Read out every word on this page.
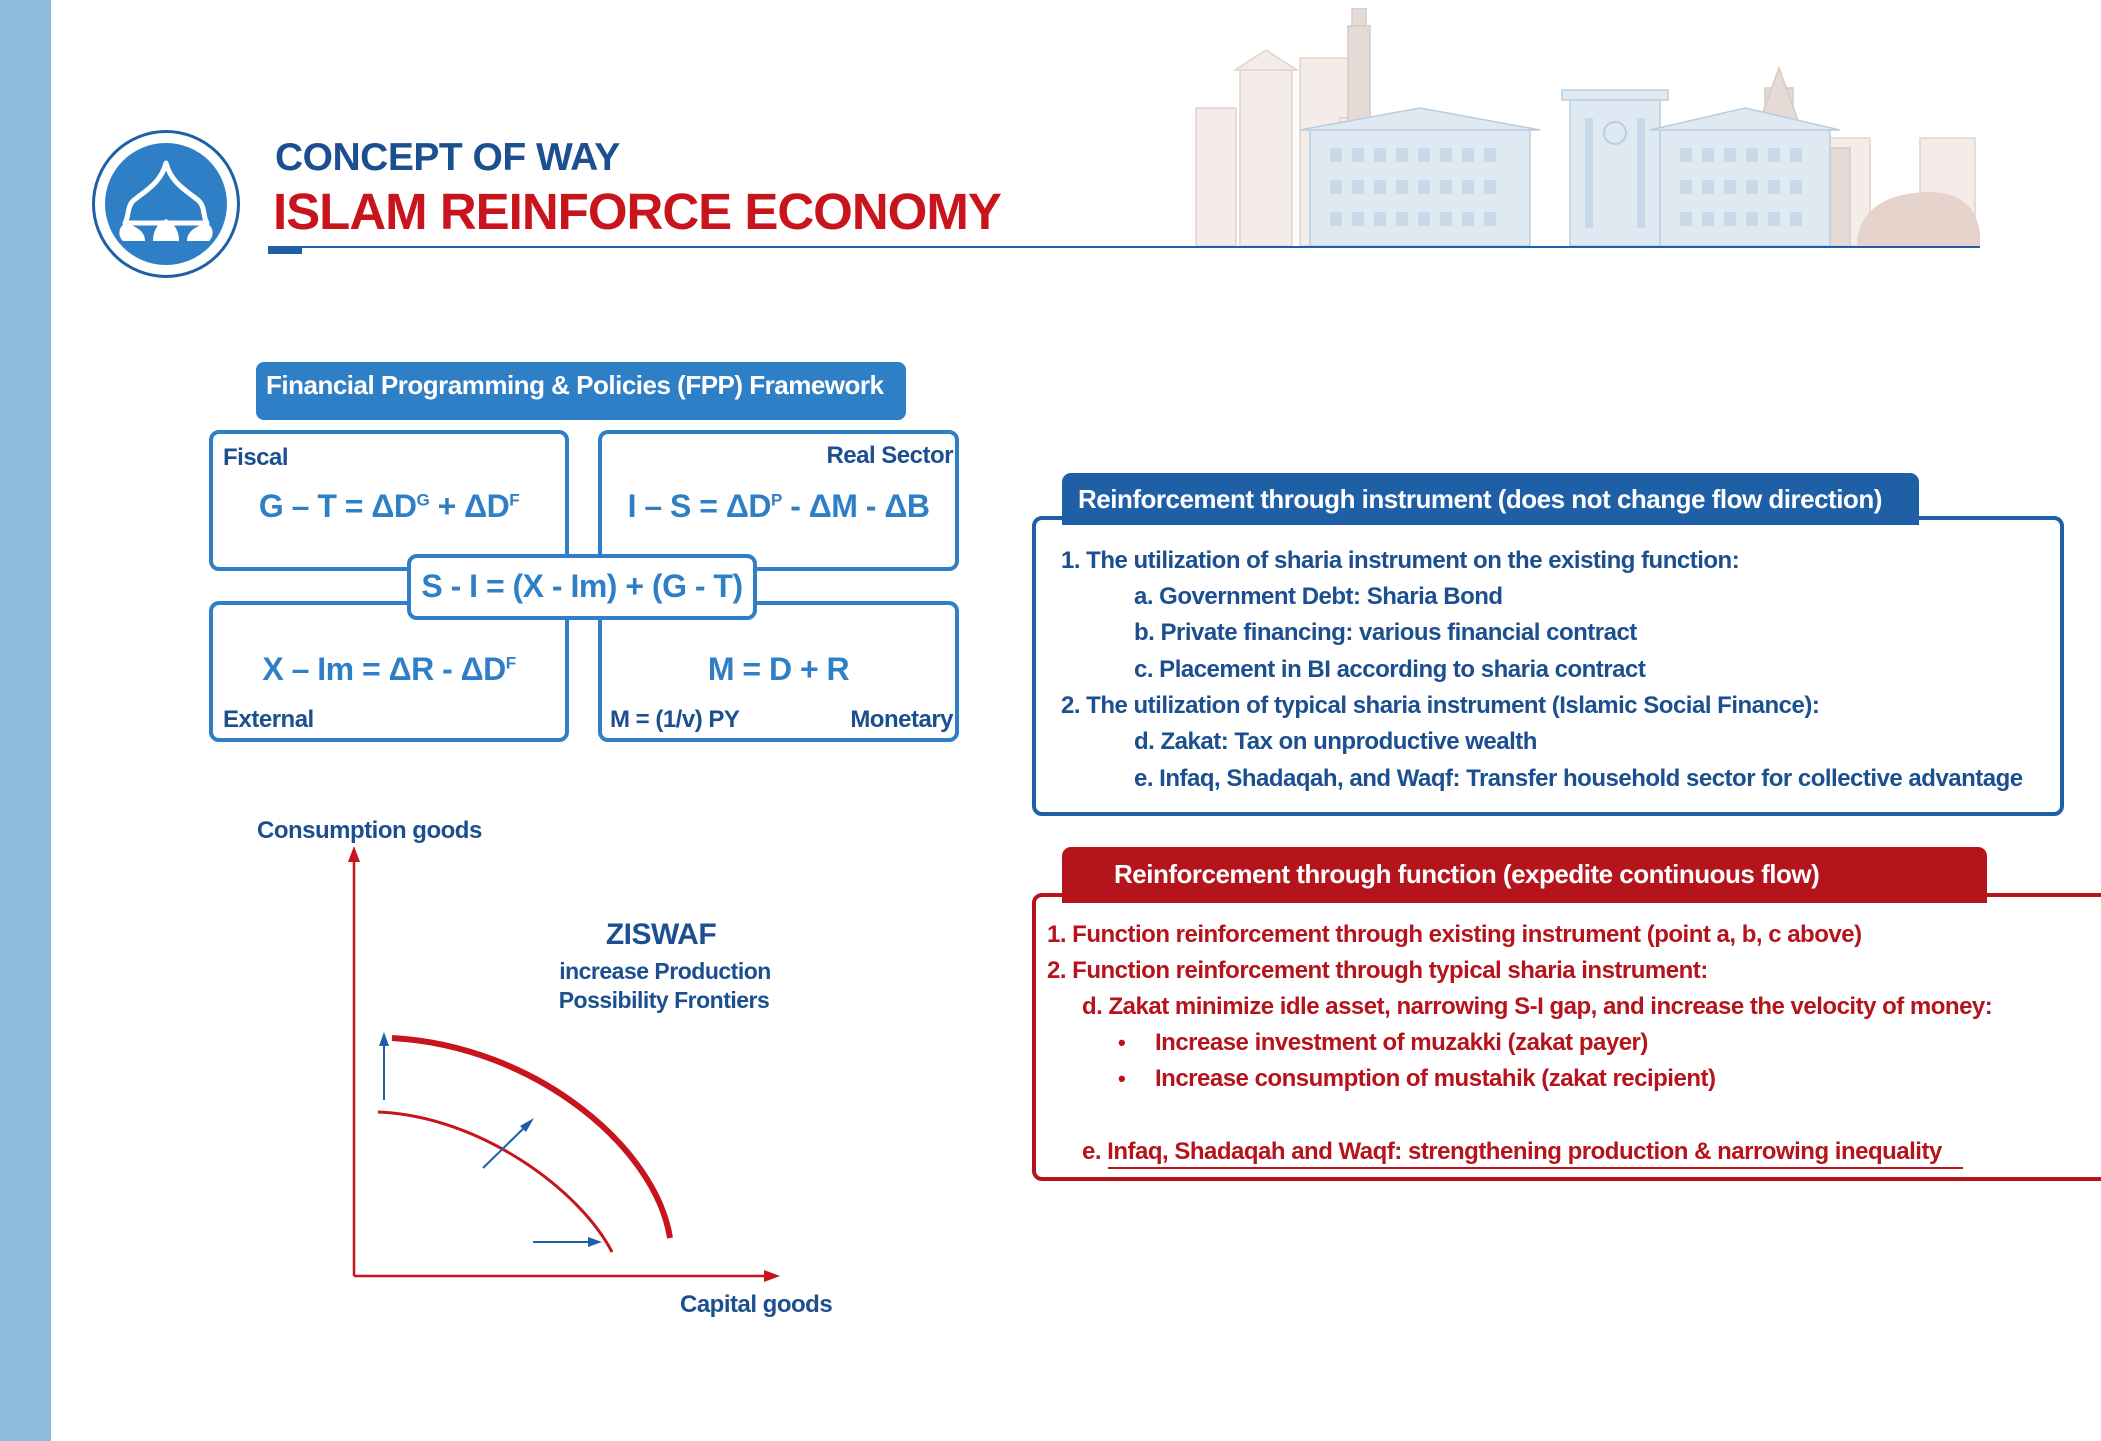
CONCEPT OF WAY
ISLAM REINFORCE ECONOMY
Financial Programming & Policies (FPP) Framework
Fiscal
$G - T = \Delta D^G + \Delta D^F$
Real Sector
$I - S = \Delta D^P - \Delta M - \Delta B$
$X - Im = \Delta R - \Delta D^F$
External
M = D + R
M = (1/v) PY	Monetary
S - I = (X - Im) + (G - T)
Consumption goods
Capital goods
ZISWAF
increase Production
Possibility Frontiers
Reinforcement through instrument (does not change flow direction)
1. The utilization of sharia instrument on the existing function:
a. Government Debt: Sharia Bond
b. Private financing: various financial contract
c. Placement in BI according to sharia contract
2. The utilization of typical sharia instrument (Islamic Social Finance):
d. Zakat: Tax on unproductive wealth
e. Infaq, Shadaqah, and Waqf: Transfer household sector for collective advantage
Reinforcement through function (expedite continuous flow)
1. Function reinforcement through existing instrument (point a, b, c above)
2. Function reinforcement through typical sharia instrument:
d. Zakat minimize idle asset, narrowing S-I gap, and increase the velocity of money:
• Increase investment of muzakki (zakat payer)
• Increase consumption of mustahik (zakat recipient)
e. Infaq, Shadaqah and Waqf: strengthening production & narrowing inequality
